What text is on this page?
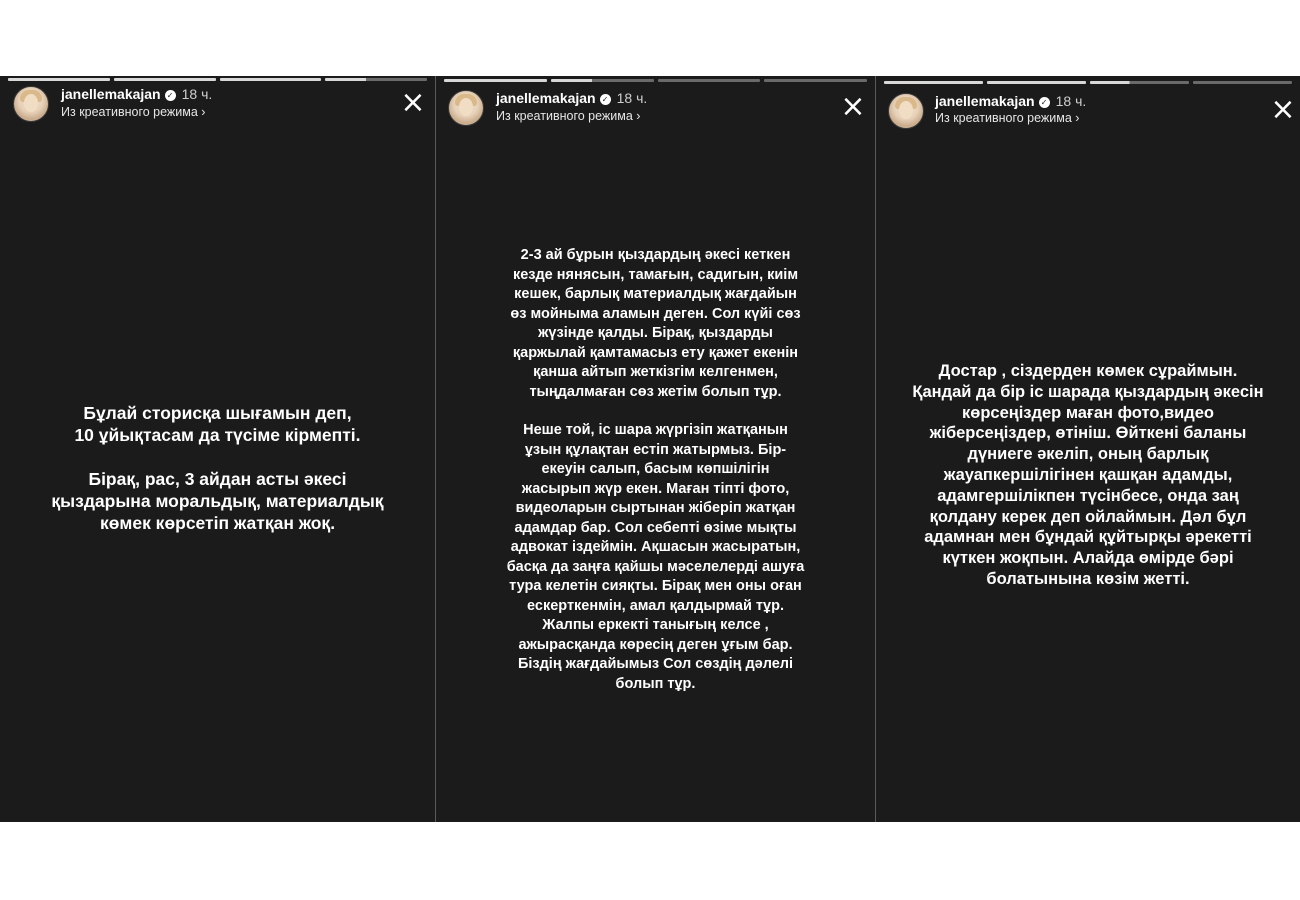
janellemakajan ✓ 18 ч.
Из креативного режима ›	×

Бұлай сторисқа шығамын деп,
10 ұйықтасам да түсіме кірмепті.

Бірақ, рас, 3 айдан асты әкесі
қыздарына моральдық, материалдық
көмек көрсетіп жатқан жоқ.

janellemakajan ✓ 18 ч.
Из креативного режима ›	×

2-3 ай бұрын қыздардың әкесі кеткен
кезде нянясын, тамағын, садигын, киім
кешек, барлық материалдық жағдайын
өз мойныма аламын деген. Сол күйі сөз
жүзінде қалды. Бірақ, қыздарды
қаржылай қамтамасыз ету қажет екенін
қанша айтып жеткізгім келгенмен,
тыңдалмаған сөз жетім болып тұр.

Неше той, іс шара жүргізіп жатқанын
ұзын құлақтан естіп жатырмыз. Бір-
екеуін салып, басым көпшілігін
жасырып жүр екен. Маған тіпті фото,
видеоларын сыртынан жіберіп жатқан
адамдар бар. Сол себепті өзіме мықты
адвокат іздеймін. Ақшасын жасыратын,
басқа да заңға қайшы мәселелерді ашуға
тура келетін сияқты. Бірақ мен оны оған
ескерткенмін, амал қалдырмай тұр.
Жалпы еркекті танығың келсе ,
ажырасқанда көресің деген ұғым бар.
Біздің жағдайымыз Сол сөздің дәлелі
болып тұр.

janellemakajan ✓ 18 ч.
Из креативного режима ›	×

Достар , сіздерден көмек сұраймын.
Қандай да бір іс шарада қыздардың әкесін
көрсеңіздер маған фото,видео
жіберсеңіздер, өтініш. Өйткені баланы
дүниеге әкеліп, оның барлық
жауапкершілігінен қашқан адамды,
адамгершілікпен түсінбесе, онда заң
қолдану керек деп ойлаймын. Дәл бұл
адамнан мен бұндай құйтырқы әрекетті
күткен жоқпын. Алайда өмірде бәрі
болатынына көзім жетті.
